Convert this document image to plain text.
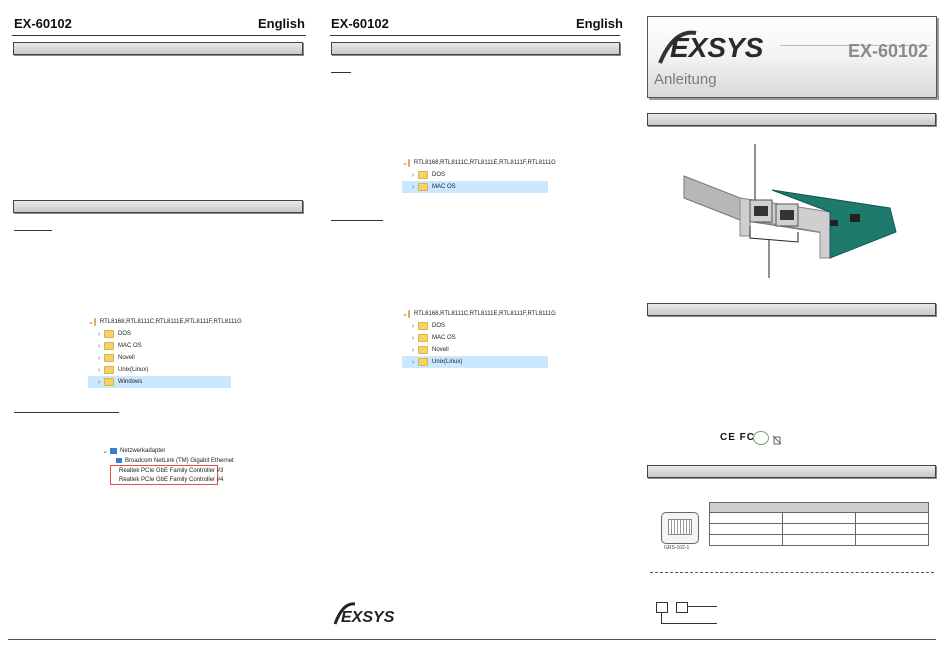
EX-60102	English
⌄ RTL8168,RTL8111C,RTL8111E,RTL8111F,RTL8111G
›	DOS
›	MAC OS
›	Novell
›	Unix(Linux)
›	Windows
⌄	Netzwerkadapter
Broadcom NetLink (TM) Gigabit Ethernet
Realtek PCIe GbE Family Controller #3
Realtek PCIe GbE Family Controller #4
EX-60102	English
⌄ RTL8168,RTL8111C,RTL8111E,RTL8111F,RTL8111G
›	DOS
›	MAC OS
⌄ RTL8168,RTL8111C,RTL8111E,RTL8111F,RTL8111G
›	DOS
›	MAC OS
›	Novell
›	Unix(Linux)
EXSYS
EXSYS	EX-60102
Anleitung
CE FC
GRS-102-1
